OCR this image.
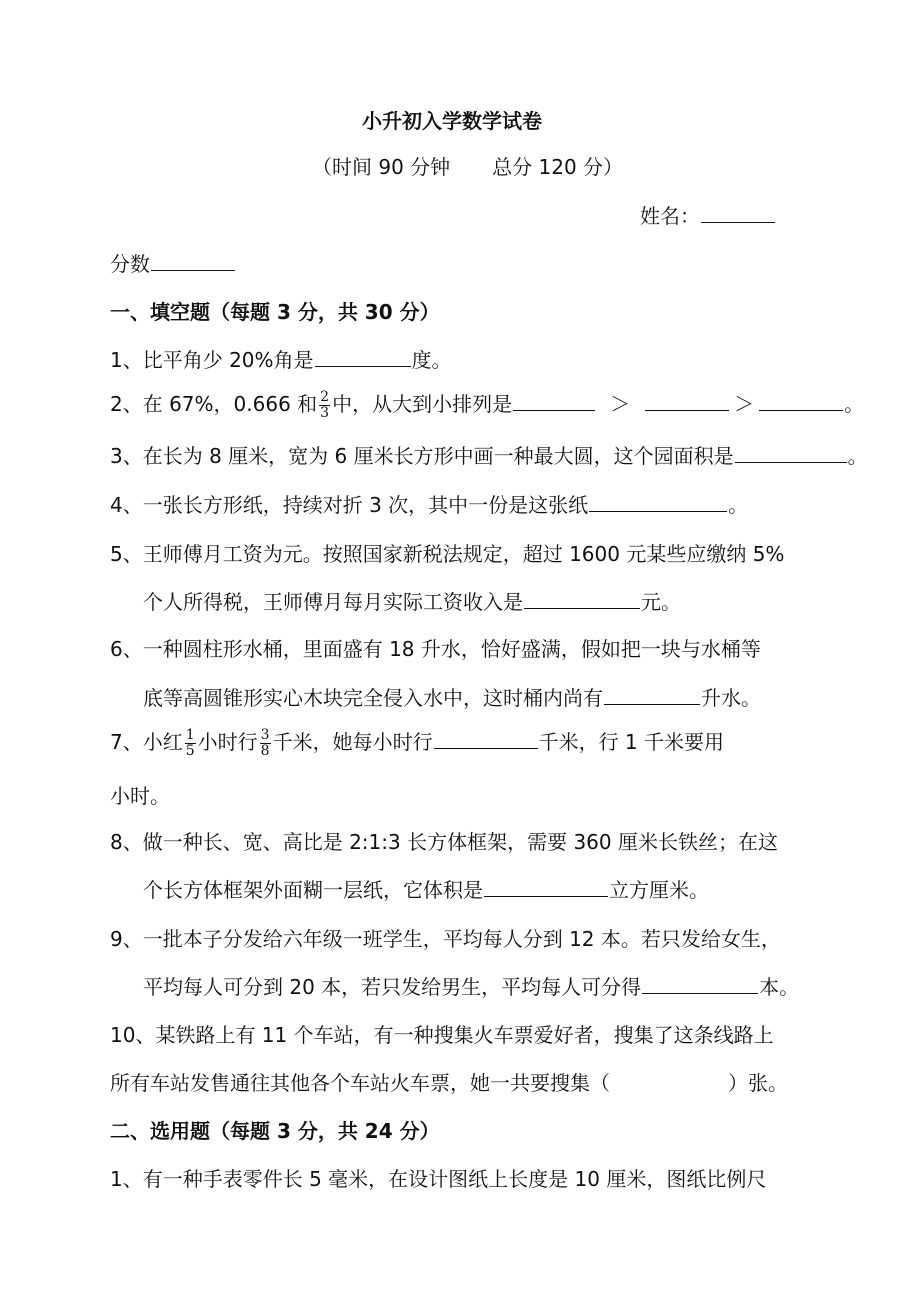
小升初入学数学试卷
（时间 90 分钟 总分 120 分）
姓名：
分数
一、填空题（每题 3 分，共 30 分）
1、比平角少 20%角是	度。
2、在 67%，0.666 和 $\frac{2}{3}$ 中，从大到小排列是	＞	＞	。
3、在长为 8 厘米，宽为 6 厘米长方形中画一种最大圆，这个园面积是	。
4、一张长方形纸，持续对折 3 次，其中一份是这张纸	。
5、王师傅月工资为元。按照国家新税法规定，超过 1600 元某些应缴纳 5%
个人所得税，王师傅月每月实际工资收入是	元。
6、一种圆柱形水桶，里面盛有 18 升水，恰好盛满，假如把一块与水桶等
底等高圆锥形实心木块完全侵入水中，这时桶内尚有	升水。
7、小红 $\frac{1}{5}$ 小时行 $\frac{3}{8}$ 千米，她每小时行	千米，行 1 千米要用
小时。
8、做一种长、宽、高比是 2:1:3 长方体框架，需要 360 厘米长铁丝；在这
个长方体框架外面糊一层纸，它体积是	立方厘米。
9、一批本子分发给六年级一班学生，平均每人分到 12 本。若只发给女生，
平均每人可分到 20 本，若只发给男生，平均每人可分得	本。
10、某铁路上有 11 个车站，有一种搜集火车票爱好者，搜集了这条线路上
所有车站发售通往其他各个车站火车票，她一共要搜集（	）张。
二、选用题（每题 3 分，共 24 分）
1、有一种手表零件长 5 毫米，在设计图纸上长度是 10 厘米，图纸比例尺
